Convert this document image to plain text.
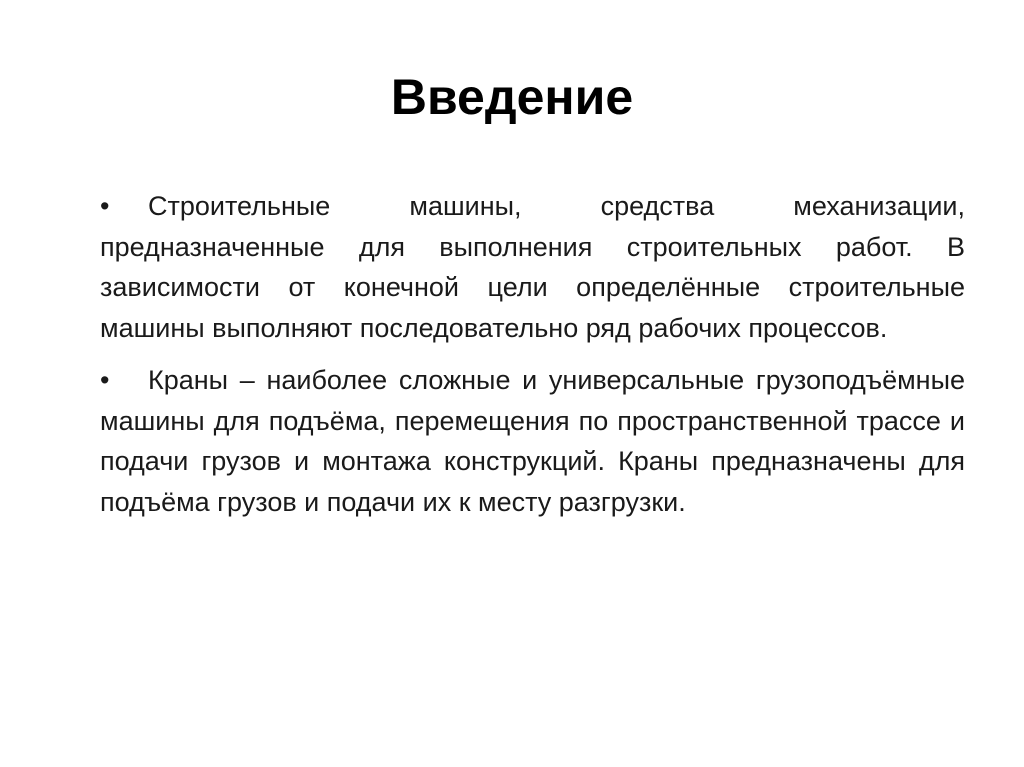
Введение
• Строительные машины, средства механизации, предназначенные для выполнения строительных работ. В зависимости от конечной цели определённые строительные машины выполняют последовательно ряд рабочих процессов.
• Краны – наиболее сложные и универсальные грузоподъёмные машины для подъёма, перемещения по пространственной трассе и подачи грузов и монтажа конструкций. Краны предназначены для подъёма грузов и подачи их к месту разгрузки.
